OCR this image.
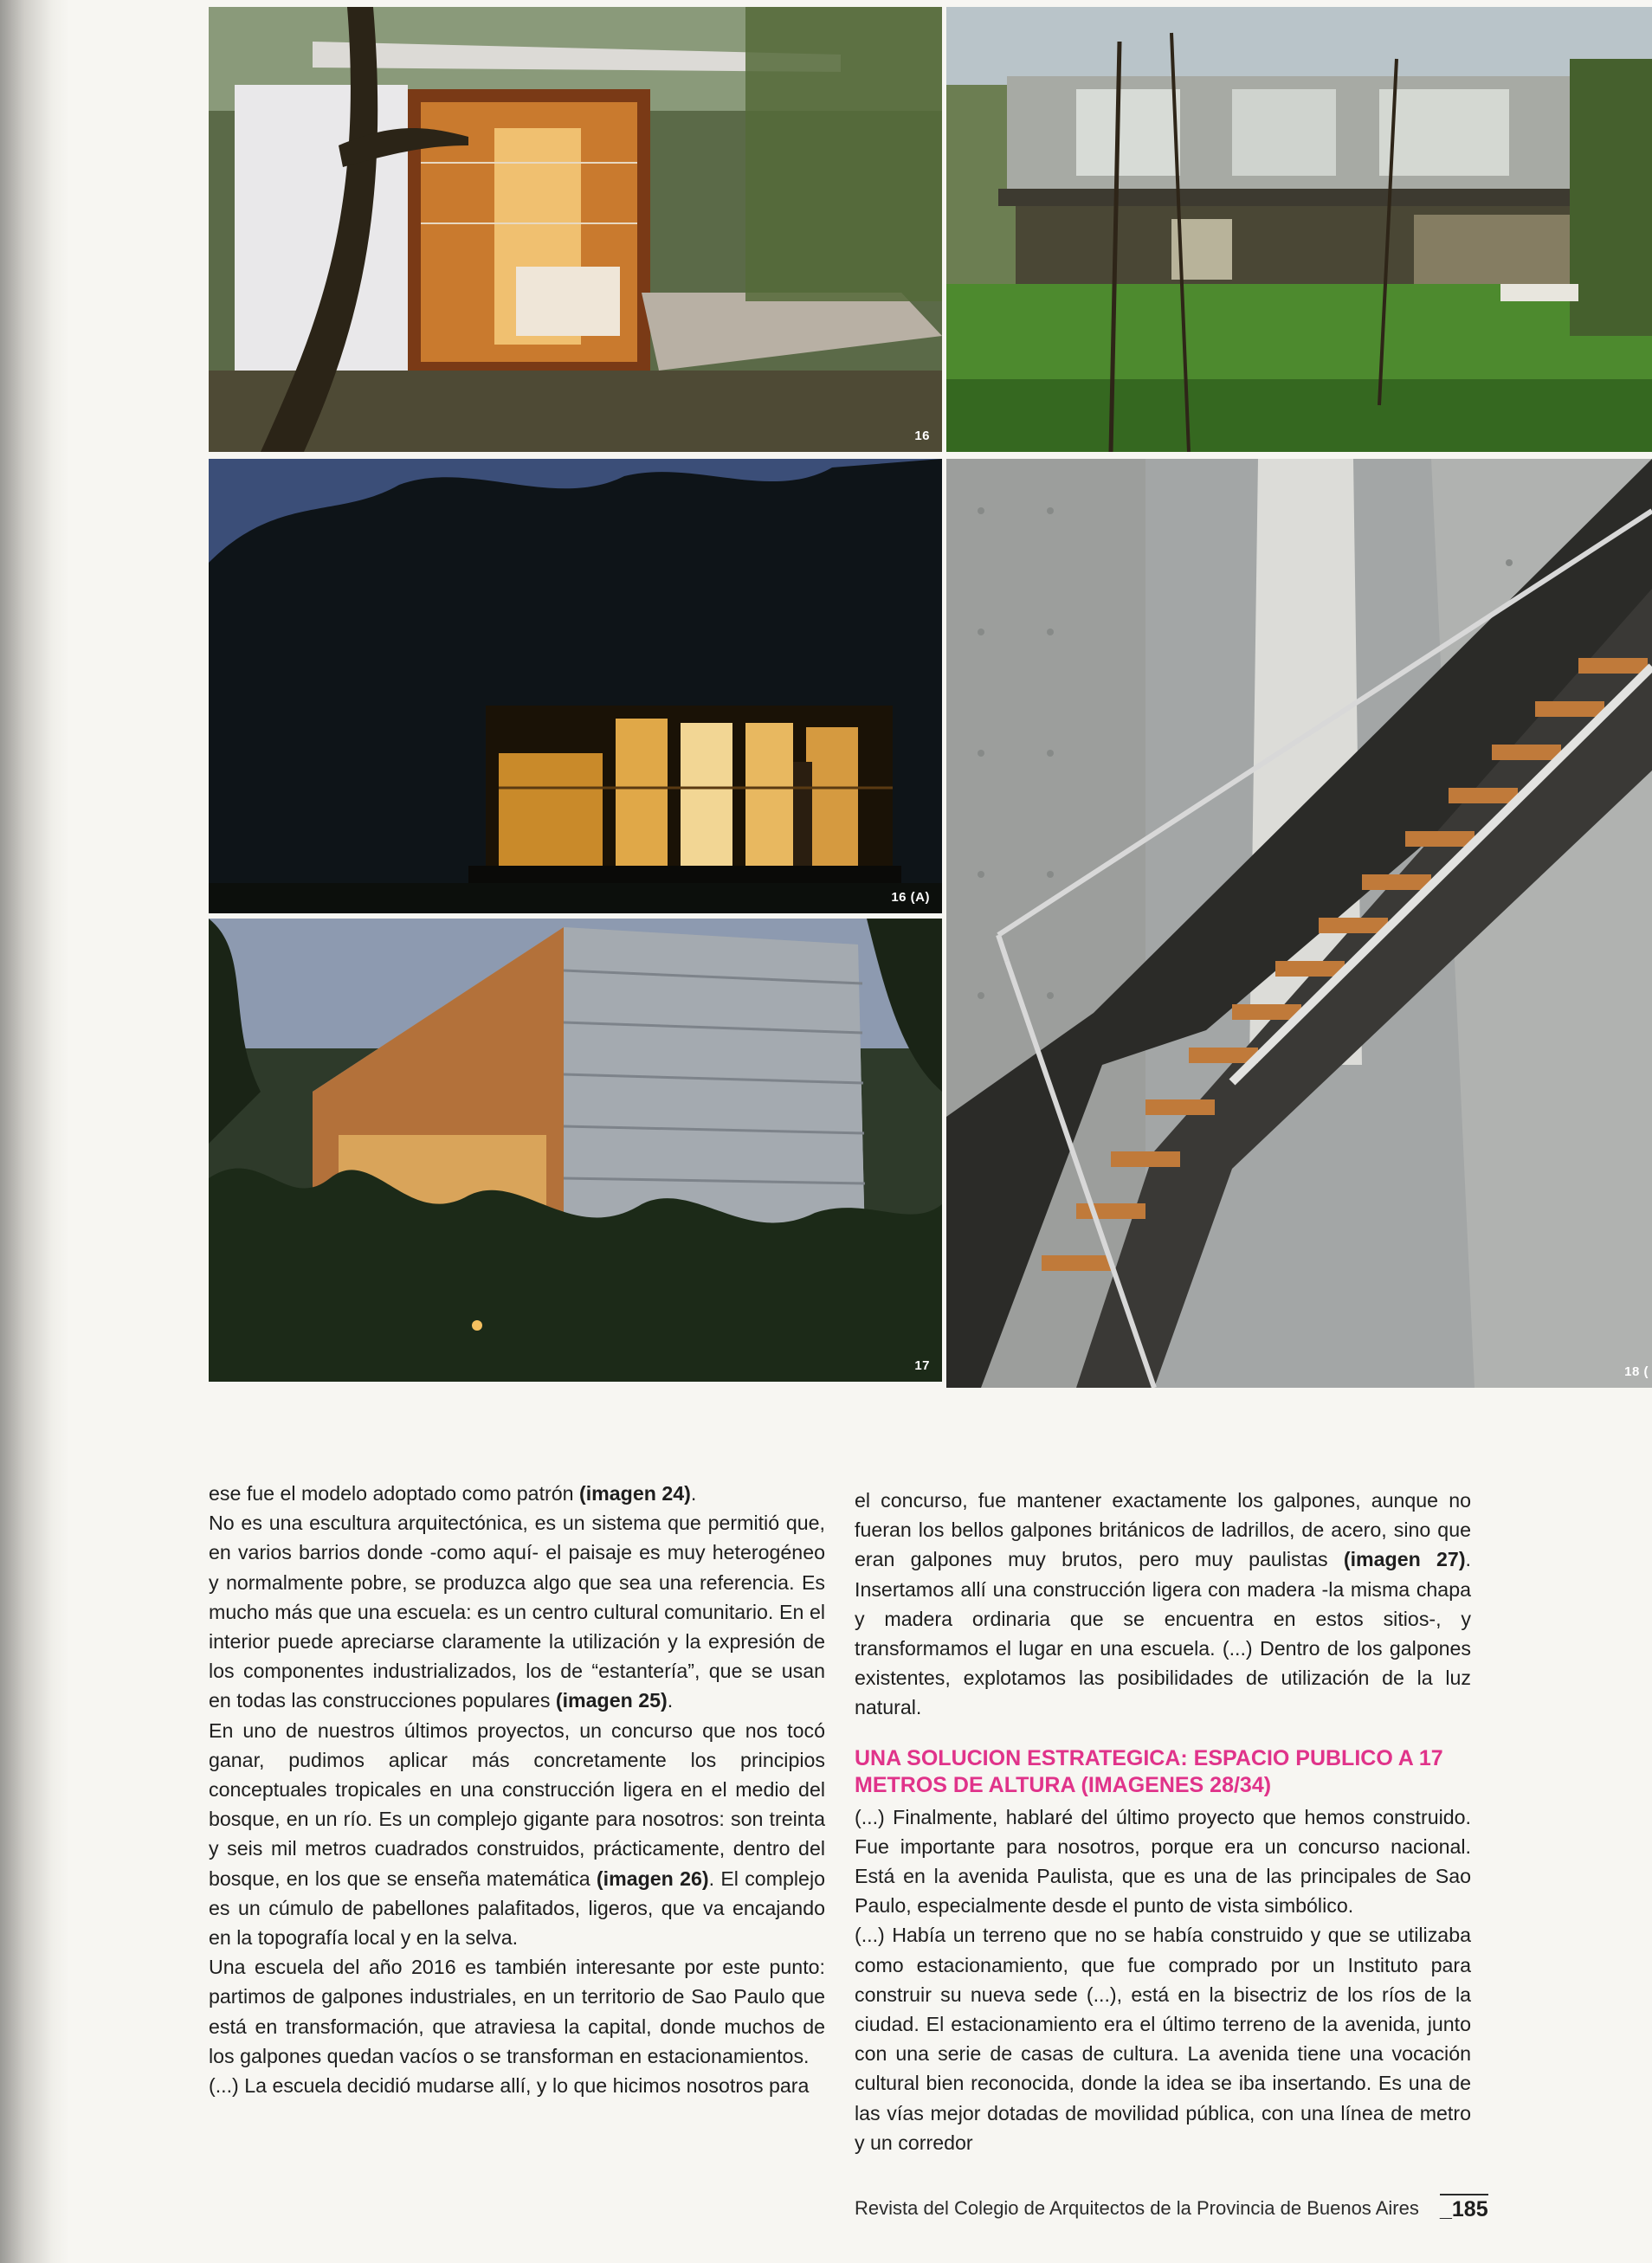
16
16 (A)
17	18 (

ese fue el modelo adoptado como patrón (imagen 24).

No es una escultura arquitectónica, es un sistema que permitió que, en varios barrios donde -como aquí- el paisaje es muy heterogéneo y normalmente pobre, se produzca algo que sea una referencia. Es mucho más que una escuela: es un centro cultural comunitario. En el interior puede apreciarse claramente la utilización y la expresión de los componentes industrializados, los de “estantería”, que se usan en todas las construcciones populares (imagen 25).

En uno de nuestros últimos proyectos, un concurso que nos tocó ganar, pudimos aplicar más concretamente los principios conceptuales tropicales en una construcción ligera en el medio del bosque, en un río. Es un complejo gigante para nosotros: son treinta y seis mil metros cuadrados construidos, prácticamente, dentro del bosque, en los que se enseña matemática (imagen 26). El complejo es un cúmulo de pabellones palafitados, ligeros, que va encajando en la topografía local y en la selva.

Una escuela del año 2016 es también interesante por este punto: partimos de galpones industriales, en un territorio de Sao Paulo que está en transformación, que atraviesa la capital, donde muchos de los galpones quedan vacíos o se transforman en estacionamientos.

(...) La escuela decidió mudarse allí, y lo que hicimos nosotros para

el concurso, fue mantener exactamente los galpones, aunque no fueran los bellos galpones británicos de ladrillos, de acero, sino que eran galpones muy brutos, pero muy paulistas (imagen 27). Insertamos allí una construcción ligera con madera -la misma chapa y madera ordinaria que se encuentra en estos sitios-, y transformamos el lugar en una escuela. (...) Dentro de los galpones existentes, explotamos las posibilidades de utilización de la luz natural.

UNA SOLUCION ESTRATEGICA: ESPACIO PUBLICO A 17 METROS DE ALTURA (IMAGENES 28/34)

(...) Finalmente, hablaré del último proyecto que hemos construido. Fue importante para nosotros, porque era un concurso nacional. Está en la avenida Paulista, que es una de las principales de Sao Paulo, especialmente desde el punto de vista simbólico.

(...) Había un terreno que no se había construido y que se utilizaba como estacionamiento, que fue comprado por un Instituto para construir su nueva sede (...), está en la bisectriz de los ríos de la ciudad. El estacionamiento era el último terreno de la avenida, junto con una serie de casas de cultura. La avenida tiene una vocación cultural bien reconocida, donde la idea se iba insertando. Es una de las vías mejor dotadas de movilidad pública, con una línea de metro y un corredor

Revista del Colegio de Arquitectos de la Provincia de Buenos Aires _185
